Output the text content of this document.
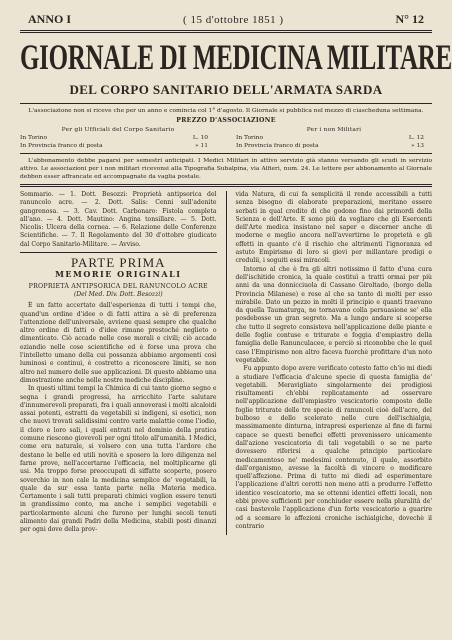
ANNO I	( 15 d'ottobre 1851 )	N° 12
GIORNALE DI MEDICINA MILITARE
DEL CORPO SANITARIO DELL'ARMATA SARDA
L'associazione non si riceve che per un anno e comincia col 1° d'agosto. Il Giornale si pubblica nel mezzo di ciascheduna settimana.
PREZZO D'ASSOCIAZIONE
Per gli Ufficiali del Corpo Sanitario
In Torino	L. 10
In Provincia franco di posta	» 11
Per i non Militari
In Torino	L. 12
In Provincia franco di posta	» 13
L'abbonamento debbe pagarsi per semestri anticipati. I Medici Militari in attivo servizio già stanno versando gli scudi in servizio attivo. Le associazioni per i non militari ricevonsi alla Tipografia Subalpina, via Alfieri, num. 24. Le lettere per abbonamento al Giornale debbon esser affrancate ed accompagnate da vaglia postale.

Sommario. — 1. Dott. Besozzi: Proprietà antipsorica del ranuncolo acre. — 2. Dott. Salis: Cenni sull'adenite gangrenosa. — 3. Cav. Dott. Carbonaro: Fistola completa all'ano. — 4. Dott. Mautino: Angina tonsillare. — 5. Dott. Nicolis: Ulcera della cornea. — 6. Relazione delle Conferenze Scientifiche. — 7. Il Regolamento del 30 d'ottobre giudicato dal Corpo Sanitario-Militare. — Avviso.

PARTE PRIMA
MEMORIE ORIGINALI
PROPRIETÀ ANTIPSORICA DEL RANUNCOLO ACRE
(Del Med. Div. Dott. Besozzi)

È un fatto accertato dall'esperienza di tutti i tempi che, quand'un ordine d'idee o di fatti attira a sè di preferenza l'attenzione dell'universale, avviene quasi sempre che qualche altro ordine di fatti o d'idee rimane prestoché neglieto o dimenticato. Ciò accade nelle cose morali e civili; ciò accade eziandio nelle cose scientifiche ed è forse una prova che l'intelletto umano della cui possanza abbiamo argomenti così luminosi e continui, è costretto a riconoscere limiti, se non altro nel numero delle sue applicazioni. Di questo abbiamo una dimostrazione anche nelle nostre mediche discipline.

In questi ultimi tempi la Chimica di cui tanto giorno segno e segna i grandi progressi, ha arricchito l'arte salutare d'innumerevoli preparati, fra i quali annoverasi i molti alcaloidi assai potenti, estratti da vegetabili si indigeni, si esotici, non che nuovi trovati salidissimi contro varie malattie come l'iodio, il cloro e loro sali, i quali entrati nel dominio della pratica comune riescono giovevoli per ogni titolo all'umanità. I Medici, come era naturale, si volsero con una tutta l'ardore che destano le belle ed utili novità e sposero la loro diligenza nel farne prove, nell'accertarne l'efficacia, nel moltiplicarne gli usi. Ma troppo forse preoccupati di siffatte scoperte, posero soverchio in non cale la medicina semplice de' vegetabili, la quale da sur essa tanta parte nella Materia medica. Certamente i sali tutti preparati chimici voglion essere tenuti in grandissimo conto, ma anche i semplici vegetabili e particolarmente alcuni che furono per lunghi secoli tenuti alimento dai grandi Padri della Medicina, stabili posti dinanzi per ogni dove della prov-

vida Natura, di cui fa semplicità il rende accessibili a tutti senza bisogno di elaborate preparazioni, meritano essere serbati in qual credito di che godono fino dai primordi della Scienza e dell'Arte. E sono più da vegliare che gli Esercenti dell'Arte medica insistano nel saper e discerner anche di moderne e meglio ancora nell'avvertirne le proprietà e gli effetti in quanto c'è il rischio che altrimenti l'ignoranza ed astuto Empirismo di loro si giovi per millantare prodigi e credulii, i soguiti essi miracoli.

Intorno al che è fra gli altri notissimo il fatto d'una cura dell'ischitide cronica, la quale costituì a tratti ormai per più anni da una donnicciuola di Cassano Giroltado, (borgo della Provincia Milanese) e rese al che sa tanto di molti per esso mirabile. Dato un pezzo in molti il principio e quanti traevano da quella Taumaturga, ne tornavano colla persuasione se' ella posdebosse un gran segreto. Ma a lungo andare si scoperse che tutto il segreto consisteva nell'applicazione delle piante e delle foglie contuse e triturate e foggia d'empiastro della famiglia delle Ranunculacee, e perciò si riconobbe che le quel caso l'Empirismo non altro faceva fuorchè profittare d'un noto vegetabile.

Fu appunto dopo avere verificato cotesto fatto ch'io mi diedi a studiare l'efficacia d'alcune specie di questa famiglia de' vegetabili. Meravigliato singolarmente dei prodigiosi risultamenti ch'ebbi replicatamente ad osservare nell'applicazione dell'empiastro vescicatorio composto delle foglie triturate delle tre specie di ranuncoli cioè dell'acre, del bulboso e dello scelerato nelle cure dell'ischialgia, massimamente dinturna, intrapresi esperienze al fine di farmi capace se questi benefici effetti provenissero unicamente dall'azione vescicatoria di tali vegetabili o se ne parte dovessero riferirsi a qualche principio particolare medicamentoso ne' medesimi contenuto, il quale, assorbito dall'organismo, avesse la facoltà di vincere o modificare quell'affezione. Prima di tutto mi diedi ad esperimentare l'applicazione d'altri cerotti non meno atti a produrre l'effetto identico vescicatorio, ma se ottenni identici effetti locali, non ebbi prove sufficienti per conchiuder essere nella pluralità de' casi bastevole l'applicazione d'un forte vescicatorio a guarire od a scemare le affezioni croniche ischialgiche, dovechè il contrario
